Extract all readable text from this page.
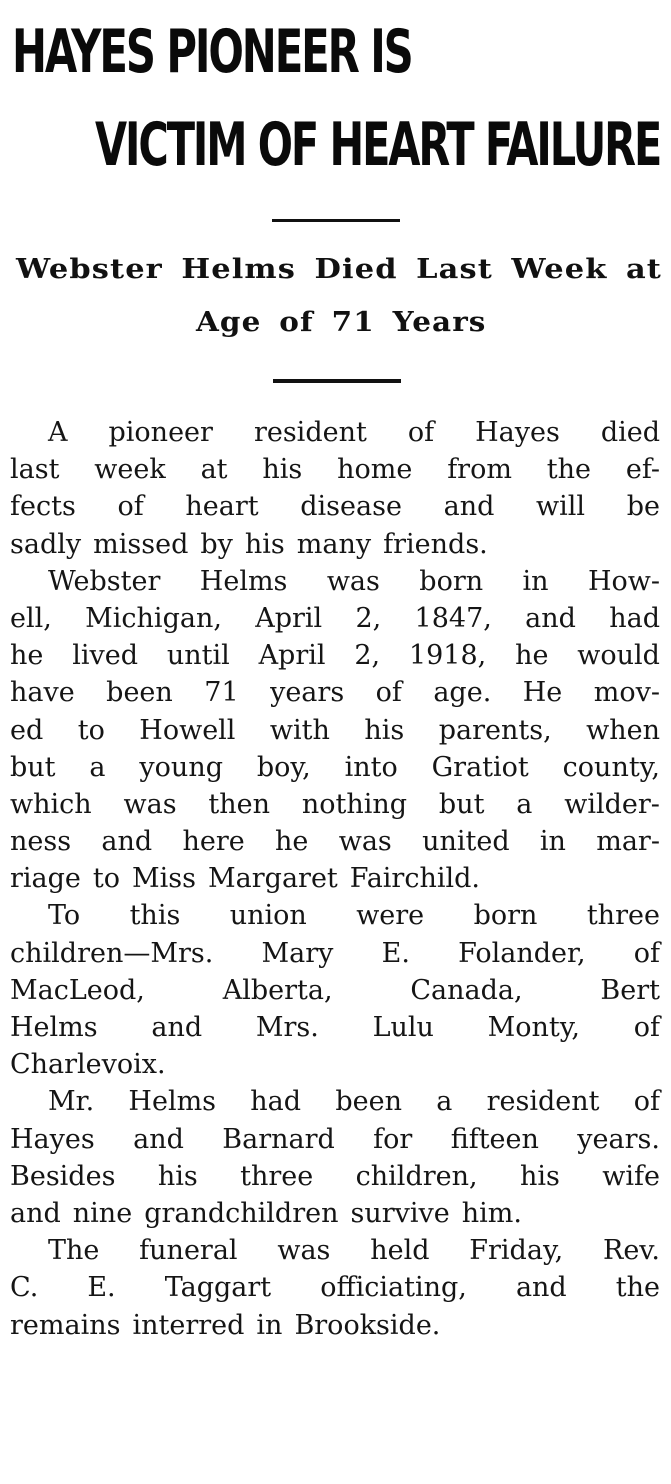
HAYES PIONEER IS
VICTIM OF HEART FAILURE
Webster Helms Died Last Week at
Age of 71 Years
A pioneer resident of Hayes died
last week at his home from the ef-
fects of heart disease and will be
sadly missed by his many friends.
Webster Helms was born in How-
ell, Michigan, April 2, 1847, and had
he lived until April 2, 1918, he would
have been 71 years of age. He mov-
ed to Howell with his parents, when
but a young boy, into Gratiot county,
which was then nothing but a wilder-
ness and here he was united in mar-
riage to Miss Margaret Fairchild.
To this union were born three
children—Mrs. Mary E. Folander, of
MacLeod,	Alberta,	Canada,	Bert
Helms and Mrs. Lulu Monty, of
Charlevoix.
Mr. Helms had been a resident of
Hayes and Barnard for fifteen years.
Besides his three children, his wife
and nine grandchildren survive him.
The funeral was held Friday, Rev.
C. E. Taggart officiating, and the
remains interred in Brookside.
